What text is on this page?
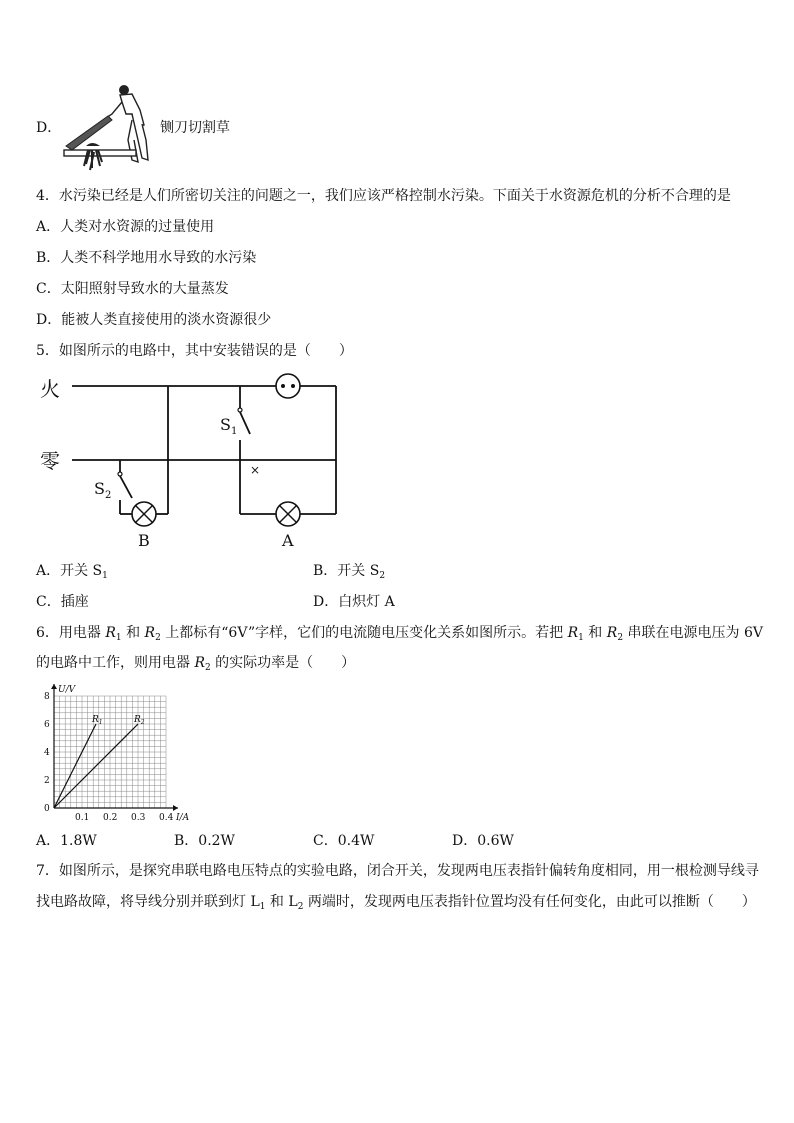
D．	铡刀切割草
4．水污染已经是人们所密切关注的问题之一，我们应该严格控制水污染。下面关于水资源危机的分析不合理的是
A．人类对水资源的过量使用
B．人类不科学地用水导致的水污染
C．太阳照射导致水的大量蒸发
D．能被人类直接使用的淡水资源很少
5．如图所示的电路中，其中安装错误的是（　　）
火
零
$S_1$
×
A
$S_2$
B
A．开关 $S_1$	B．开关 $S_2$
C．插座	D．白炽灯 A
6．用电器 $R_1$ 和 $R_2$ 上都标有“6V”字样，它们的电流随电压变化关系如图所示。若把 $R_1$ 和 $R_2$ 串联在电源电压为 6V
的电路中工作，则用电器 $R_2$ 的实际功率是（　　）
0.1 0.2 0.3 0.4
0
2
4
6
8
I/A
U/V
$R_1$	$R_2$
A．1.8W	B．0.2W	C．0.4W	D．0.6W
7．如图所示，是探究串联电路电压特点的实验电路，闭合开关，发现两电压表指针偏转角度相同，用一根检测导线寻找电路故障，将导线分别并联到灯 $L_1$ 和 $L_2$ 两端时，发现两电压表指针位置均没有任何变化，由此可以推断（　　）
